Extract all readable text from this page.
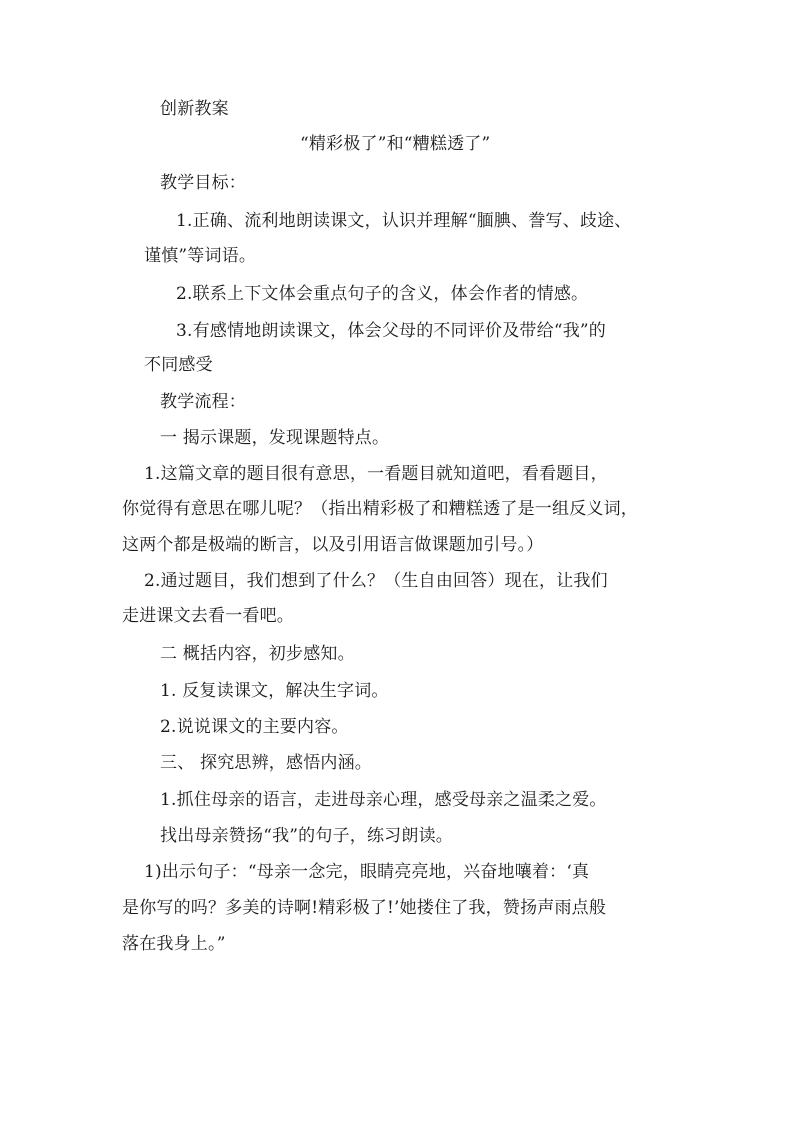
创新教案
“精彩极了”和“糟糕透了”
教学目标：
1.正确、流利地朗读课文，认识并理解“腼腆、誊写、歧途、
谨慎”等词语。
2.联系上下文体会重点句子的含义，体会作者的情感。
3.有感情地朗读课文，体会父母的不同评价及带给“我”的
不同感受
教学流程：
一 揭示课题，发现课题特点。
1.这篇文章的题目很有意思，一看题目就知道吧，看看题目，
你觉得有意思在哪儿呢？（指出精彩极了和糟糕透了是一组反义词，
这两个都是极端的断言，以及引用语言做课题加引号。）
2.通过题目，我们想到了什么？（生自由回答）现在，让我们
走进课文去看一看吧。
二 概括内容，初步感知。
1. 反复读课文，解决生字词。
2.说说课文的主要内容。
三、 探究思辨，感悟内涵。
1.抓住母亲的语言，走进母亲心理，感受母亲之温柔之爱。
找出母亲赞扬“我”的句子，练习朗读。
1)出示句子：“母亲一念完，眼睛亮亮地，兴奋地嚷着：‘真
是你写的吗？多美的诗啊!精彩极了!’她搂住了我，赞扬声雨点般
落在我身上。”
